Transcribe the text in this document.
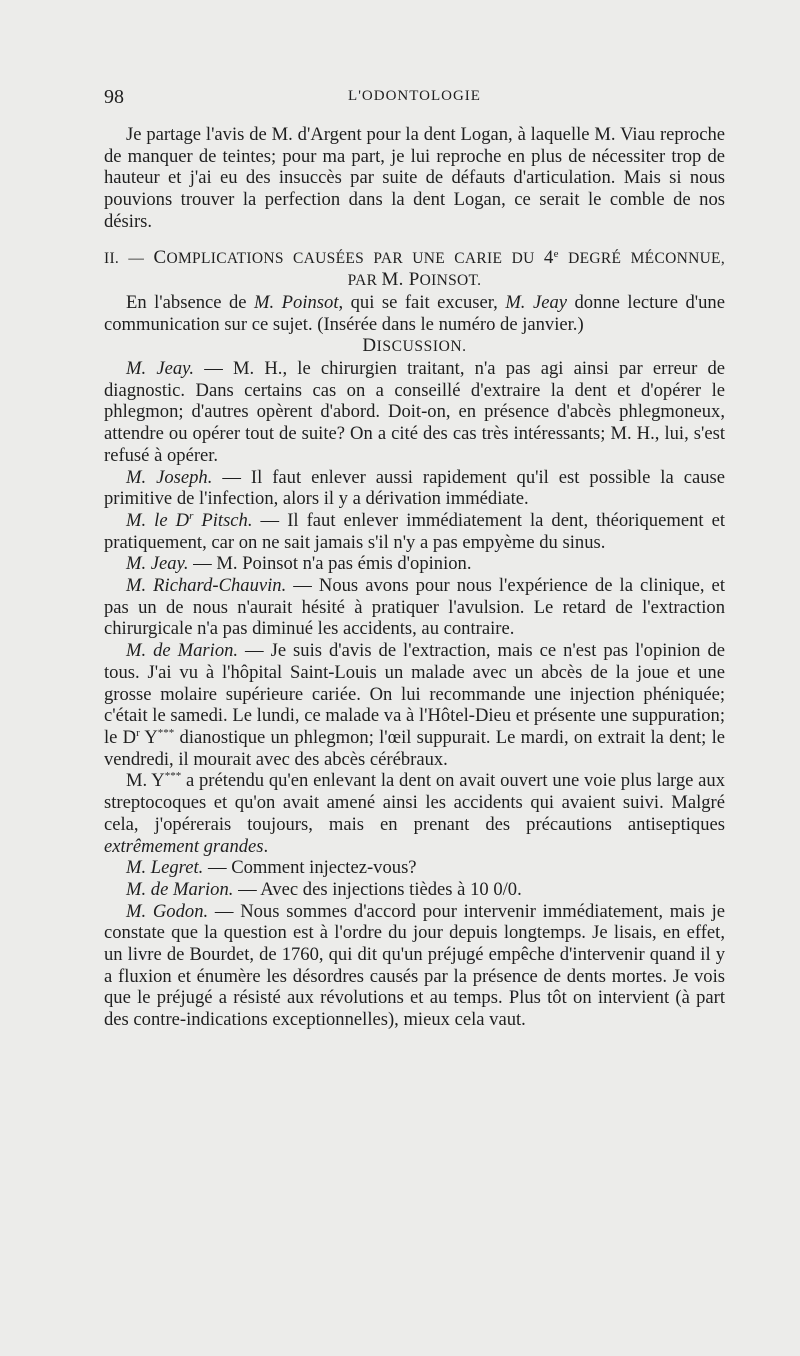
98	L'ODONTOLOGIE

Je partage l'avis de M. d'Argent pour la dent Logan, à laquelle M. Viau reproche de manquer de teintes; pour ma part, je lui reproche en plus de nécessiter trop de hauteur et j'ai eu des insuccès par suite de défauts d'articulation. Mais si nous pouvions trouver la perfection dans la dent Logan, ce serait le comble de nos désirs.

II. — COMPLICATIONS CAUSÉES PAR UNE CARIE DU 4e DEGRÉ MÉCONNUE,

PAR M. POINSOT.

En l'absence de M. Poinsot, qui se fait excuser, M. Jeay donne lecture d'une communication sur ce sujet. (Insérée dans le numéro de janvier.)

DISCUSSION.

M. Jeay. — M. H., le chirurgien traitant, n'a pas agi ainsi par erreur de diagnostic. Dans certains cas on a conseillé d'extraire la dent et d'opérer le phlegmon; d'autres opèrent d'abord. Doit-on, en présence d'abcès phlegmoneux, attendre ou opérer tout de suite? On a cité des cas très intéressants; M. H., lui, s'est refusé à opérer.

M. Joseph. — Il faut enlever aussi rapidement qu'il est possible la cause primitive de l'infection, alors il y a dérivation immédiate.

M. le $D^r$ Pitsch. — Il faut enlever immédiatement la dent, théoriquement et pratiquement, car on ne sait jamais s'il n'y a pas empyème du sinus.

M. Jeay. — M. Poinsot n'a pas émis d'opinion.

M. Richard-Chauvin. — Nous avons pour nous l'expérience de la clinique, et pas un de nous n'aurait hésité à pratiquer l'avulsion. Le retard de l'extraction chirurgicale n'a pas diminué les accidents, au contraire.

M. de Marion. — Je suis d'avis de l'extraction, mais ce n'est pas l'opinion de tous. J'ai vu à l'hôpital Saint-Louis un malade avec un abcès de la joue et une grosse molaire supérieure cariée. On lui recommande une injection phéniquée; c'était le samedi. Le lundi, ce malade va à l'Hôtel-Dieu et présente une suppuration; le $D^r$ Y*** dianostique un phlegmon; l'œil suppurait. Le mardi, on extrait la dent; le vendredi, il mourait avec des abcès cérébraux.

M. Y*** a prétendu qu'en enlevant la dent on avait ouvert une voie plus large aux streptocoques et qu'on avait amené ainsi les accidents qui avaient suivi. Malgré cela, j'opérerais toujours, mais en prenant des précautions antiseptiques extrêmement grandes.

M. Legret. — Comment injectez-vous?

M. de Marion. — Avec des injections tièdes à 10 0/0.

M. Godon. — Nous sommes d'accord pour intervenir immédiatement, mais je constate que la question est à l'ordre du jour depuis longtemps. Je lisais, en effet, un livre de Bourdet, de 1760, qui dit qu'un préjugé empêche d'intervenir quand il y a fluxion et énumère les désordres causés par la présence de dents mortes. Je vois que le préjugé a résisté aux révolutions et au temps. Plus tôt on intervient (à part des contre-indications exceptionnelles), mieux cela vaut.
